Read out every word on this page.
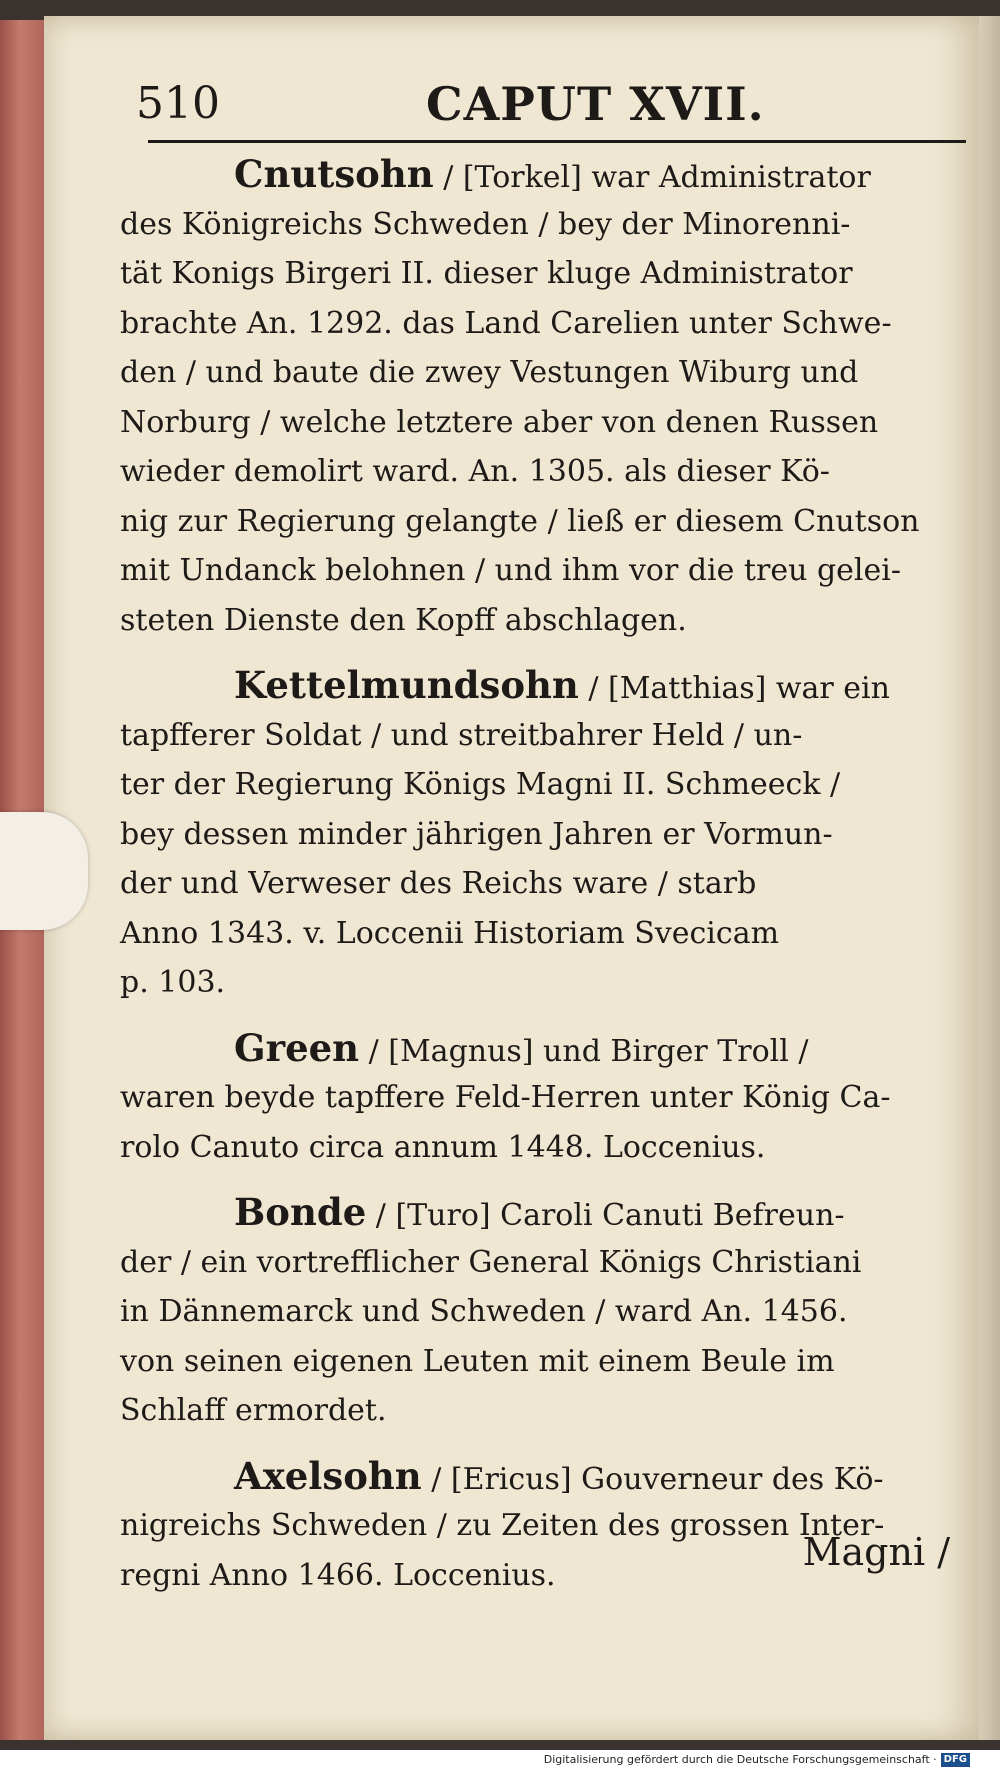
510	CAPUT XVII.
Cnutsohn / [Torkel] war Administrator
des Königreichs Schweden / bey der Minorenni-
tät Konigs Birgeri II. dieser kluge Administrator
brachte An. 1292. das Land Carelien unter Schwe-
den / und baute die zwey Vestungen Wiburg und
Norburg / welche letztere aber von denen Russen
wieder demolirt ward. An. 1305. als dieser Kö-
nig zur Regierung gelangte / ließ er diesem Cnutson
mit Undanck belohnen / und ihm vor die treu gelei-
steten Dienste den Kopff abschlagen.
Kettelmundsohn / [Matthias] war ein
tapfferer Soldat / und streitbahrer Held / un-
ter der Regierung Königs Magni II. Schmeeck /
bey dessen minder jährigen Jahren er Vormun-
der und Verweser des Reichs ware / starb
Anno 1343. v. Loccenii Historiam Svecicam
p. 103.
Green / [Magnus] und Birger Troll /
waren beyde tapffere Feld-Herren unter König Ca-
rolo Canuto circa annum 1448. Loccenius.
Bonde / [Turo] Caroli Canuti Befreun-
der / ein vortrefflicher General Königs Christiani
in Dännemarck und Schweden / ward An. 1456.
von seinen eigenen Leuten mit einem Beule im
Schlaff ermordet.
Axelsohn / [Ericus] Gouverneur des Kö-
nigreichs Schweden / zu Zeiten des grossen Inter-
regni Anno 1466. Loccenius.
Magni /
Digitalisierung gefördert durch die Deutsche Forschungsgemeinschaft · DFG
